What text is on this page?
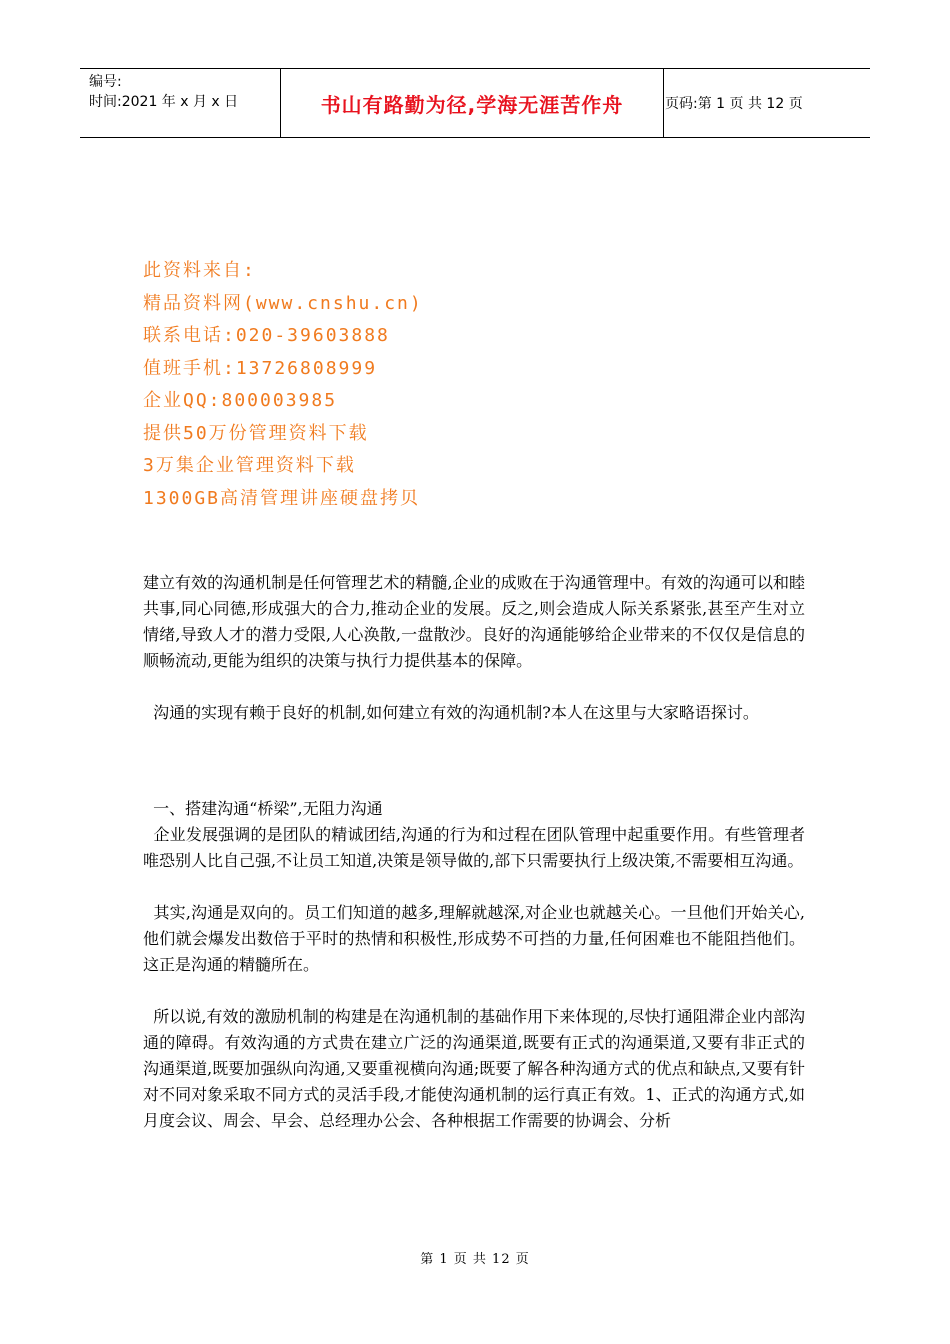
编号:
时间:2021 年 x 月 x 日	书山有路勤为径,学海无涯苦作舟	页码:第 1 页 共 12 页
此资料来自:
精品资料网(www.cnshu.cn)
联系电话:020-39603888
值班手机:13726808999
企业QQ:800003985
提供50万份管理资料下载
3万集企业管理资料下载
1300GB高清管理讲座硬盘拷贝

建立有效的沟通机制是任何管理艺术的精髓,企业的成败在于沟通管理中。有效的沟通可以和睦共事,同心同德,形成强大的合力,推动企业的发展。反之,则会造成人际关系紧张,甚至产生对立情绪,导致人才的潜力受限,人心涣散,一盘散沙。良好的沟通能够给企业带来的不仅仅是信息的顺畅流动,更能为组织的决策与执行力提供基本的保障。

沟通的实现有赖于良好的机制,如何建立有效的沟通机制?本人在这里与大家略语探讨。

一、搭建沟通“桥梁”,无阻力沟通

企业发展强调的是团队的精诚团结,沟通的行为和过程在团队管理中起重要作用。有些管理者唯恐别人比自己强,不让员工知道,决策是领导做的,部下只需要执行上级决策,不需要相互沟通。

其实,沟通是双向的。员工们知道的越多,理解就越深,对企业也就越关心。一旦他们开始关心,他们就会爆发出数倍于平时的热情和积极性,形成势不可挡的力量,任何困难也不能阻挡他们。这正是沟通的精髓所在。

所以说,有效的激励机制的构建是在沟通机制的基础作用下来体现的,尽快打通阻滞企业内部沟通的障碍。有效沟通的方式贵在建立广泛的沟通渠道,既要有正式的沟通渠道,又要有非正式的沟通渠道,既要加强纵向沟通,又要重视横向沟通;既要了解各种沟通方式的优点和缺点,又要有针对不同对象采取不同方式的灵活手段,才能使沟通机制的运行真正有效。1、正式的沟通方式,如月度会议、周会、早会、总经理办公会、各种根据工作需要的协调会、分析

第 1 页 共 12 页
